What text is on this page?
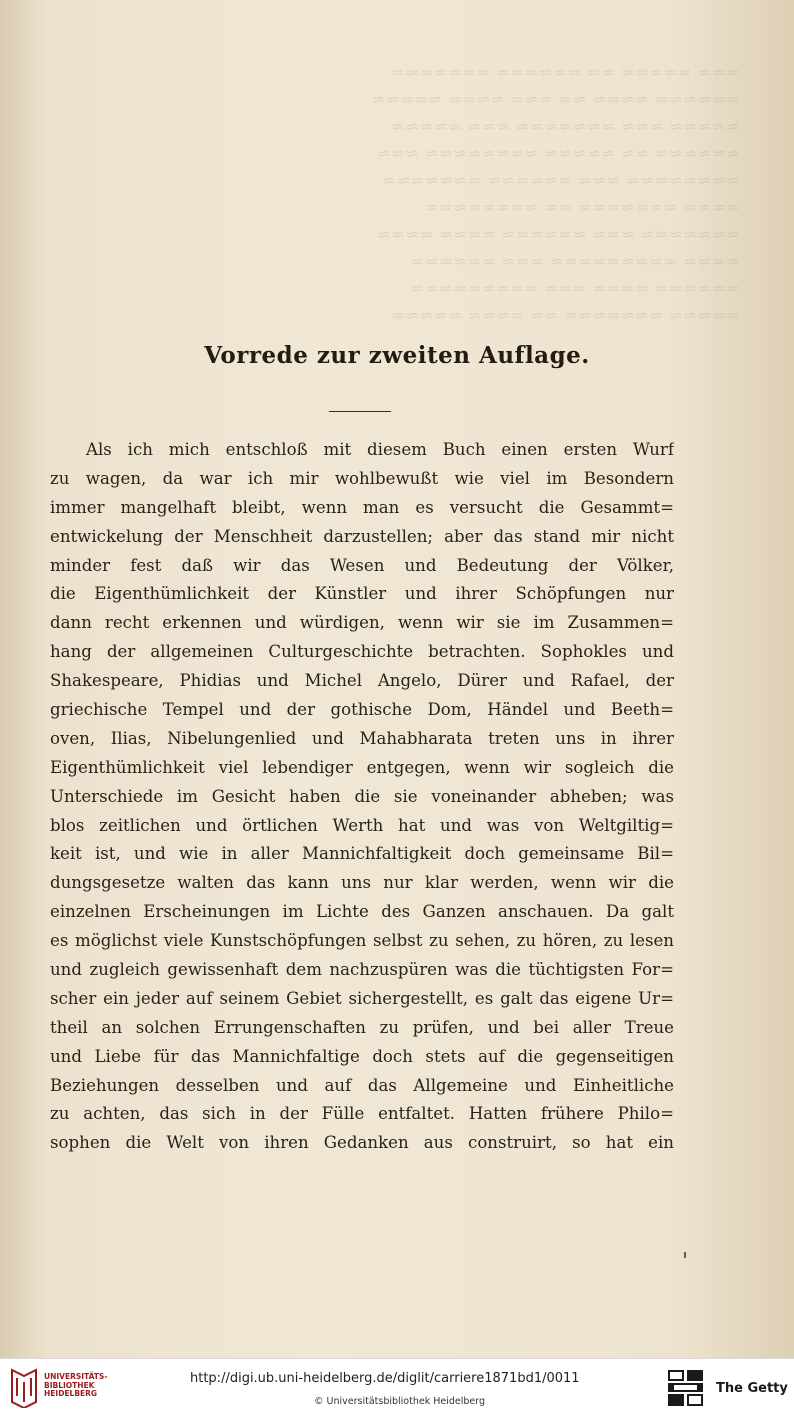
≈≈≈ ≈≈≈≈≈ ≈≈ ≈≈≈≈≈≈ ≈≈≈≈≈≈≈
≈≈≈≈≈≈ ≈≈≈≈ ≈≈ ≈≈≈ ≈≈≈≈ ≈≈≈≈≈
≈≈≈≈≈ ≈≈≈ ≈≈≈≈≈≈≈ ≈≈≈ ≈≈≈≈≈
≈≈≈≈≈≈ ≈≈ ≈≈≈≈≈ ≈≈≈≈≈≈≈≈ ≈≈≈
≈≈≈≈≈≈≈≈ ≈≈≈ ≈≈≈≈≈≈ ≈≈≈≈≈≈≈
≈≈≈≈ ≈≈≈≈≈≈≈ ≈≈ ≈≈≈≈≈≈≈≈
≈≈≈≈≈≈≈ ≈≈≈ ≈≈≈≈≈≈ ≈≈≈≈ ≈≈≈≈
≈≈≈≈ ≈≈≈≈≈≈≈≈≈ ≈≈≈ ≈≈≈≈≈≈
≈≈≈≈≈≈ ≈≈≈≈ ≈≈≈ ≈≈≈≈≈≈≈≈≈
≈≈≈≈≈ ≈≈≈≈≈≈≈ ≈≈ ≈≈≈≈ ≈≈≈≈≈
Vorrede zur zweiten Auflage.
Als ich mich entschloß mit diesem Buch einen ersten Wurf
zu wagen, da war ich mir wohlbewußt wie viel im Besondern
immer mangelhaft bleibt, wenn man es versucht die Gesammt=
entwickelung der Menschheit darzustellen; aber das stand mir nicht
minder fest daß wir das Wesen und Bedeutung der Völker,
die Eigenthümlichkeit der Künstler und ihrer Schöpfungen nur
dann recht erkennen und würdigen, wenn wir sie im Zusammen=
hang der allgemeinen Culturgeschichte betrachten. Sophokles und
Shakespeare, Phidias und Michel Angelo, Dürer und Rafael, der
griechische Tempel und der gothische Dom, Händel und Beeth=
oven, Ilias, Nibelungenlied und Mahabharata treten uns in ihrer
Eigenthümlichkeit viel lebendiger entgegen, wenn wir sogleich die
Unterschiede im Gesicht haben die sie voneinander abheben; was
blos zeitlichen und örtlichen Werth hat und was von Weltgiltig=
keit ist, und wie in aller Mannichfaltigkeit doch gemeinsame Bil=
dungsgesetze walten das kann uns nur klar werden, wenn wir die
einzelnen Erscheinungen im Lichte des Ganzen anschauen. Da galt
es möglichst viele Kunstschöpfungen selbst zu sehen, zu hören, zu lesen
und zugleich gewissenhaft dem nachzuspüren was die tüchtigsten For=
scher ein jeder auf seinem Gebiet sichergestellt, es galt das eigene Ur=
theil an solchen Errungenschaften zu prüfen, und bei aller Treue
und Liebe für das Mannichfaltige doch stets auf die gegenseitigen
Beziehungen desselben und auf das Allgemeine und Einheitliche
zu achten, das sich in der Fülle entfaltet. Hatten frühere Philo=
sophen die Welt von ihren Gedanken aus construirt, so hat ein
UNIVERSITÄTS-
BIBLIOTHEK
HEIDELBERG
http://digi.ub.uni-heidelberg.de/diglit/carriere1871bd1/0011
© Universitätsbibliothek Heidelberg
The Getty
